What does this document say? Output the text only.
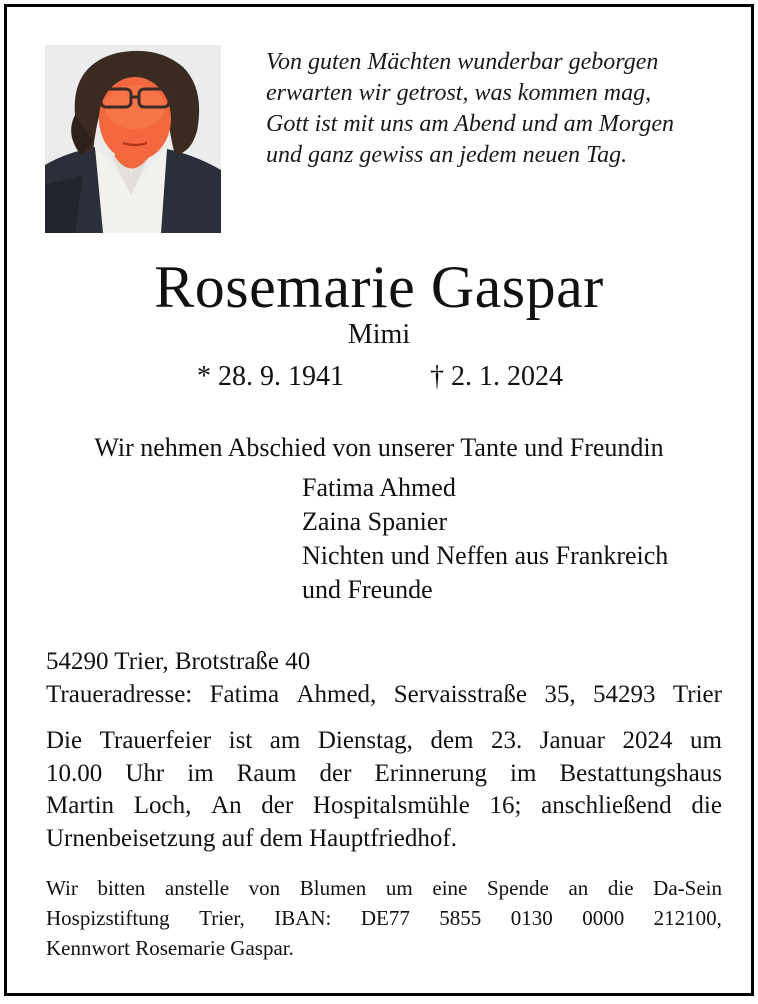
Von guten Mächten wunderbar geborgen
erwarten wir getrost, was kommen mag,
Gott ist mit uns am Abend und am Morgen
und ganz gewiss an jedem neuen Tag.
Rosemarie Gaspar
Mimi
* 28. 9. 1941	† 2. 1. 2024
Wir nehmen Abschied von unserer Tante und Freundin
Fatima Ahmed
Zaina Spanier
Nichten und Neffen aus Frankreich
und Freunde
54290 Trier, Brotstraße 40
Traueradresse: Fatima Ahmed, Servaisstraße 35, 54293 Trier
Die Trauerfeier ist am Dienstag, dem 23. Januar 2024 um
10.00 Uhr im Raum der Erinnerung im Bestattungshaus
Martin Loch, An der Hospitalsmühle 16; anschließend die
Urnenbeisetzung auf dem Hauptfriedhof.
Wir bitten anstelle von Blumen um eine Spende an die Da-Sein
Hospizstiftung Trier, IBAN: DE77 5855 0130 0000 212100,
Kennwort Rosemarie Gaspar.
